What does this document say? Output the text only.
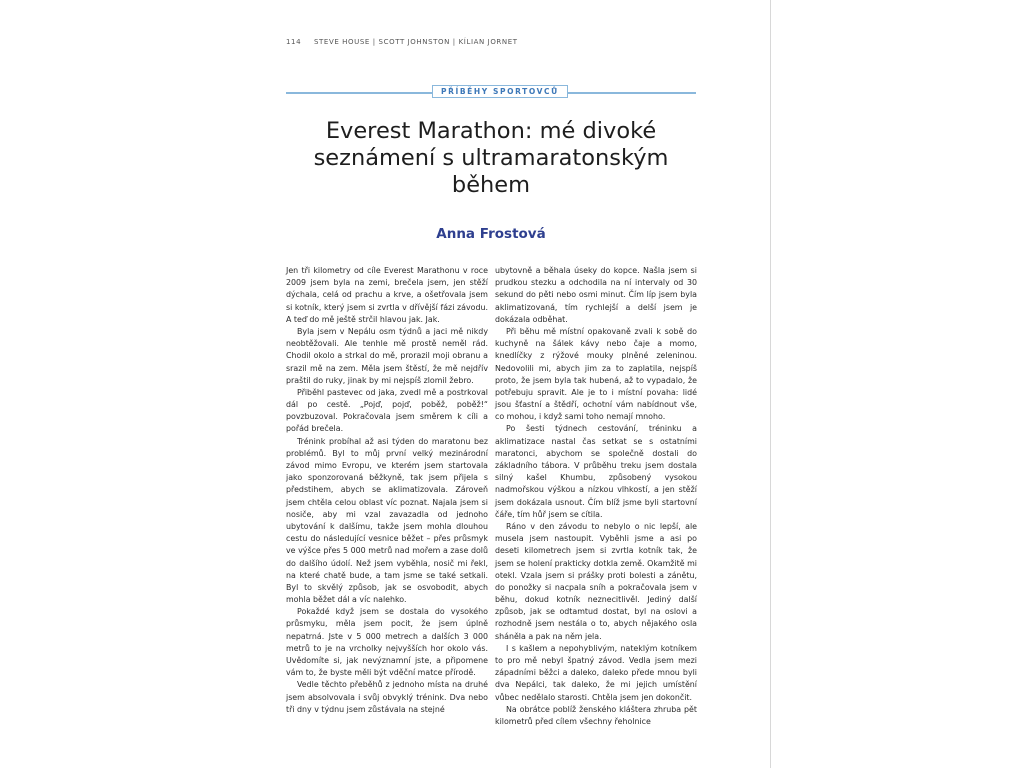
114 STEVE HOUSE | SCOTT JOHNSTON | KÍLIAN JORNET
PŘÍBĚHY SPORTOVCŮ
Everest Marathon: mé divoké
seznámení s ultramaratonským
během
Anna Frostová

Jen tři kilometry od cíle Everest Marathonu v roce 2009 jsem byla na zemi, brečela jsem, jen stěží dýchala, celá od prachu a krve, a ošetřovala jsem si kotník, který jsem si zvrtla v dřívější fázi závodu. A teď do mě ještě strčil hlavou jak. Jak.

Byla jsem v Nepálu osm týdnů a jaci mě nikdy neobtěžovali. Ale tenhle mě prostě neměl rád. Chodil okolo a strkal do mě, prorazil moji obranu a srazil mě na zem. Měla jsem štěstí, že mě nejdřív praštil do ruky, jinak by mi nejspíš zlomil žebro.

Přiběhl pastevec od jaka, zvedl mě a postrkoval dál po cestě. „Pojď, pojď, poběž, poběž!“ povzbuzoval. Pokračovala jsem směrem k cíli a pořád brečela.

Trénink probíhal až asi týden do maratonu bez problémů. Byl to můj první velký mezinárodní závod mimo Evropu, ve kterém jsem startovala jako sponzorovaná běžkyně, tak jsem přijela s předstihem, abych se aklimatizovala. Zároveň jsem chtěla celou oblast víc poznat. Najala jsem si nosiče, aby mi vzal zavazadla od jednoho ubytování k dalšímu, takže jsem mohla dlouhou cestu do následující vesnice běžet – přes průsmyk ve výšce přes 5 000 metrů nad mořem a zase dolů do dalšího údolí. Než jsem vyběhla, nosič mi řekl, na které chatě bude, a tam jsme se také setkali. Byl to skvělý způsob, jak se osvobodit, abych mohla běžet dál a víc nalehko.

Pokaždé když jsem se dostala do vysokého průsmyku, měla jsem pocit, že jsem úplně nepatrná. Jste v 5 000 metrech a dalších 3 000 metrů to je na vrcholky nejvyšších hor okolo vás. Uvědomíte si, jak nevýznamní jste, a připomene vám to, že byste měli být vděční matce přírodě.

Vedle těchto přeběhů z jednoho místa na druhé jsem absolvovala i svůj obvyklý trénink. Dva nebo tři dny v týdnu jsem zůstávala na stejné

ubytovně a běhala úseky do kopce. Našla jsem si prudkou stezku a odchodila na ní intervaly od 30 sekund do pěti nebo osmi minut. Čím líp jsem byla aklimatizovaná, tím rychlejší a delší jsem je dokázala odběhat.

Při běhu mě místní opakovaně zvali k sobě do kuchyně na šálek kávy nebo čaje a momo, knedlíčky z rýžové mouky plněné zeleninou. Nedovolili mi, abych jim za to zaplatila, nejspíš proto, že jsem byla tak hubená, až to vypadalo, že potřebuju spravit. Ale je to i místní povaha: lidé jsou šťastní a štědří, ochotní vám nabídnout vše, co mohou, i když sami toho nemají mnoho.

Po šesti týdnech cestování, tréninku a aklimatizace nastal čas setkat se s ostatními maratonci, abychom se společně dostali do základního tábora. V průběhu treku jsem dostala silný kašel Khumbu, způsobený vysokou nadmořskou výškou a nízkou vlhkostí, a jen stěží jsem dokázala usnout. Čím blíž jsme byli startovní čáře, tím hůř jsem se cítila.

Ráno v den závodu to nebylo o nic lepší, ale musela jsem nastoupit. Vyběhli jsme a asi po deseti kilometrech jsem si zvrtla kotník tak, že jsem se holení prakticky dotkla země. Okamžitě mi otekl. Vzala jsem si prášky proti bolesti a zánětu, do ponožky si nacpala sníh a pokračovala jsem v běhu, dokud kotník neznecitlivěl. Jediný další způsob, jak se odtamtud dostat, byl na oslovi a rozhodně jsem nestála o to, abych nějakého osla sháněla a pak na něm jela.

I s kašlem a nepohyblivým, nateklým kotníkem to pro mě nebyl špatný závod. Vedla jsem mezi západními běžci a daleko, daleko přede mnou byli dva Nepálci, tak daleko, že mi jejich umístění vůbec nedělalo starosti. Chtěla jsem jen dokončit.

Na obrátce poblíž ženského kláštera zhruba pět kilometrů před cílem všechny řeholnice
